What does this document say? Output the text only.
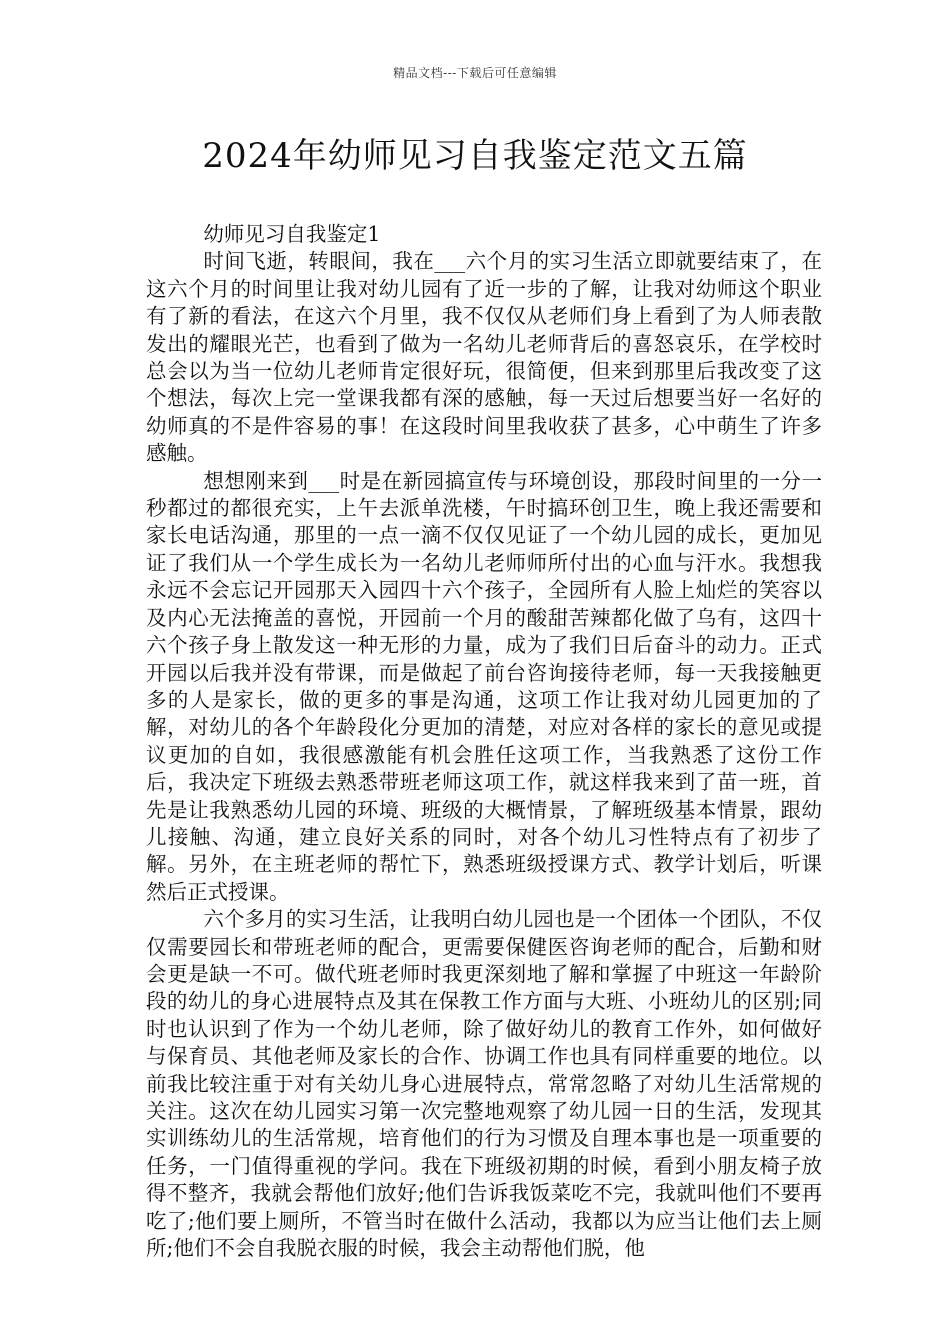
精品文档---下载后可任意编辑
2024年幼师见习自我鉴定范文五篇
幼师见习自我鉴定1

时间飞逝，转眼间，我在___六个月的实习生活立即就要结束了，在这六个月的时间里让我对幼儿园有了近一步的了解，让我对幼师这个职业有了新的看法，在这六个月里，我不仅仅从老师们身上看到了为人师表散发出的耀眼光芒，也看到了做为一名幼儿老师背后的喜怒哀乐，在学校时总会以为当一位幼儿老师肯定很好玩，很简便，但来到那里后我改变了这个想法，每次上完一堂课我都有深的感触，每一天过后想要当好一名好的幼师真的不是件容易的事！在这段时间里我收获了甚多，心中萌生了许多感触。

想想刚来到___时是在新园搞宣传与环境创设，那段时间里的一分一秒都过的都很充实，上午去派单洗楼，午时搞环创卫生，晚上我还需要和家长电话沟通，那里的一点一滴不仅仅见证了一个幼儿园的成长，更加见证了我们从一个学生成长为一名幼儿老师师所付出的心血与汗水。我想我永远不会忘记开园那天入园四十六个孩子，全园所有人脸上灿烂的笑容以及内心无法掩盖的喜悦，开园前一个月的酸甜苦辣都化做了乌有，这四十六个孩子身上散发这一种无形的力量，成为了我们日后奋斗的动力。正式开园以后我并没有带课，而是做起了前台咨询接待老师，每一天我接触更多的人是家长，做的更多的事是沟通，这项工作让我对幼儿园更加的了解，对幼儿的各个年龄段化分更加的清楚，对应对各样的家长的意见或提议更加的自如，我很感激能有机会胜任这项工作，当我熟悉了这份工作后，我决定下班级去熟悉带班老师这项工作，就这样我来到了苗一班，首先是让我熟悉幼儿园的环境、班级的大概情景，了解班级基本情景，跟幼儿接触、沟通，建立良好关系的同时，对各个幼儿习性特点有了初步了解。另外，在主班老师的帮忙下，熟悉班级授课方式、教学计划后，听课然后正式授课。

六个多月的实习生活，让我明白幼儿园也是一个团体一个团队，不仅仅需要园长和带班老师的配合，更需要保健医咨询老师的配合，后勤和财会更是缺一不可。做代班老师时我更深刻地了解和掌握了中班这一年龄阶段的幼儿的身心进展特点及其在保教工作方面与大班、小班幼儿的区别;同时也认识到了作为一个幼儿老师，除了做好幼儿的教育工作外，如何做好与保育员、其他老师及家长的合作、协调工作也具有同样重要的地位。以前我比较注重于对有关幼儿身心进展特点，常常忽略了对幼儿生活常规的关注。这次在幼儿园实习第一次完整地观察了幼儿园一日的生活，发现其实训练幼儿的生活常规，培育他们的行为习惯及自理本事也是一项重要的任务，一门值得重视的学问。我在下班级初期的时候，看到小朋友椅子放得不整齐，我就会帮他们放好;他们告诉我饭菜吃不完，我就叫他们不要再吃了;他们要上厕所，不管当时在做什么活动，我都以为应当让他们去上厕所;他们不会自我脱衣服的时候，我会主动帮他们脱，他
